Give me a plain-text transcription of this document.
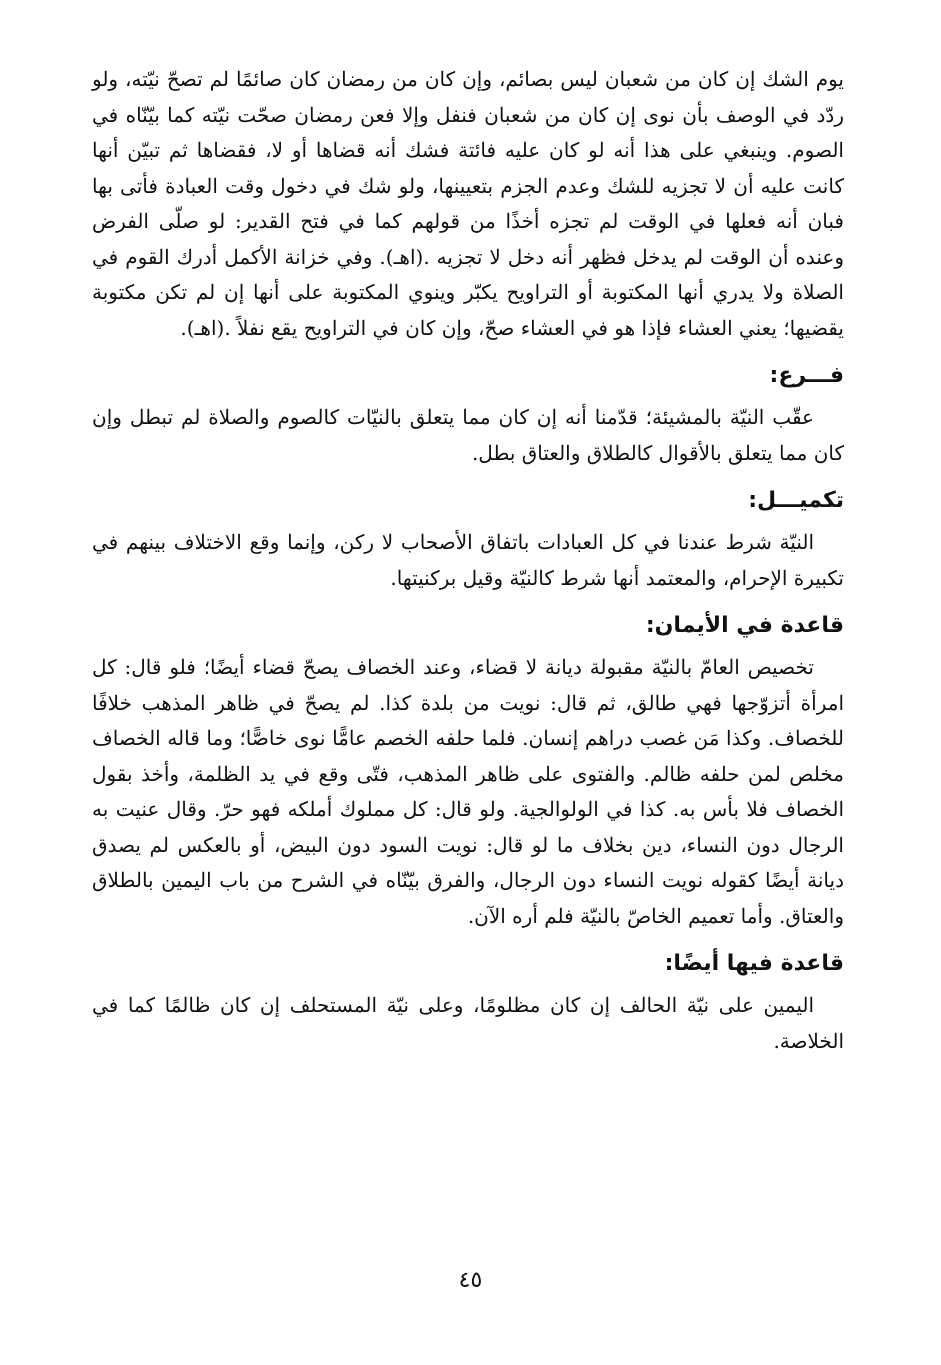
يوم الشك إن كان من شعبان ليس بصائم، وإن كان من رمضان كان صائمًا لم تصحّ نيّته، ولو ردّد في الوصف بأن نوى إن كان من شعبان فنفل وإلا فعن رمضان صحّت نيّته كما بيّنّاه في الصوم. وينبغي على هذا أنه لو كان عليه فائتة فشك أنه قضاها أو لا، فقضاها ثم تبيّن أنها كانت عليه أن لا تجزيه للشك وعدم الجزم بتعيينها، ولو شك في دخول وقت العبادة فأتى بها فبان أنه فعلها في الوقت لم تجزه أخذًا من قولهم كما في فتح القدير: لو صلّى الفرض وعنده أن الوقت لم يدخل فظهر أنه دخل لا تجزيه .(اهـ). وفي خزانة الأكمل أدرك القوم في الصلاة ولا يدري أنها المكتوبة أو التراويح يكبّر وينوي المكتوبة على أنها إن لم تكن مكتوبة يقضيها؛ يعني العشاء فإذا هو في العشاء صحّ، وإن كان في التراويح يقع نفلاً .(اهـ).

فـــرع:

عقّب النيّة بالمشيئة؛ قدّمنا أنه إن كان مما يتعلق بالنيّات كالصوم والصلاة لم تبطل وإن كان مما يتعلق بالأقوال كالطلاق والعتاق بطل.

تكميـــل:

النيّة شرط عندنا في كل العبادات باتفاق الأصحاب لا ركن، وإنما وقع الاختلاف بينهم في تكبيرة الإحرام، والمعتمد أنها شرط كالنيّة وقيل بركنيتها.

قاعدة في الأيمان:

تخصيص العامّ بالنيّة مقبولة ديانة لا قضاء، وعند الخصاف يصحّ قضاء أيضًا؛ فلو قال: كل امرأة أتزوّجها فهي طالق، ثم قال: نويت من بلدة كذا. لم يصحّ في ظاهر المذهب خلافًا للخصاف. وكذا مَن غصب دراهم إنسان. فلما حلفه الخصم عامًّا نوى خاصًّا؛ وما قاله الخصاف مخلص لمن حلفه ظالم. والفتوى على ظاهر المذهب، فتّى وقع في يد الظلمة، وأخذ بقول الخصاف فلا بأس به. كذا في الولوالجية. ولو قال: كل مملوك أملكه فهو حرّ. وقال عنيت به الرجال دون النساء، دين بخلاف ما لو قال: نويت السود دون البيض، أو بالعكس لم يصدق ديانة أيضًا كقوله نويت النساء دون الرجال، والفرق بيّنّاه في الشرح من باب اليمين بالطلاق والعتاق. وأما تعميم الخاصّ بالنيّة فلم أره الآن.

قاعدة فيها أيضًا:

اليمين على نيّة الحالف إن كان مظلومًا، وعلى نيّة المستحلف إن كان ظالمًا كما في الخلاصة.

٤٥
